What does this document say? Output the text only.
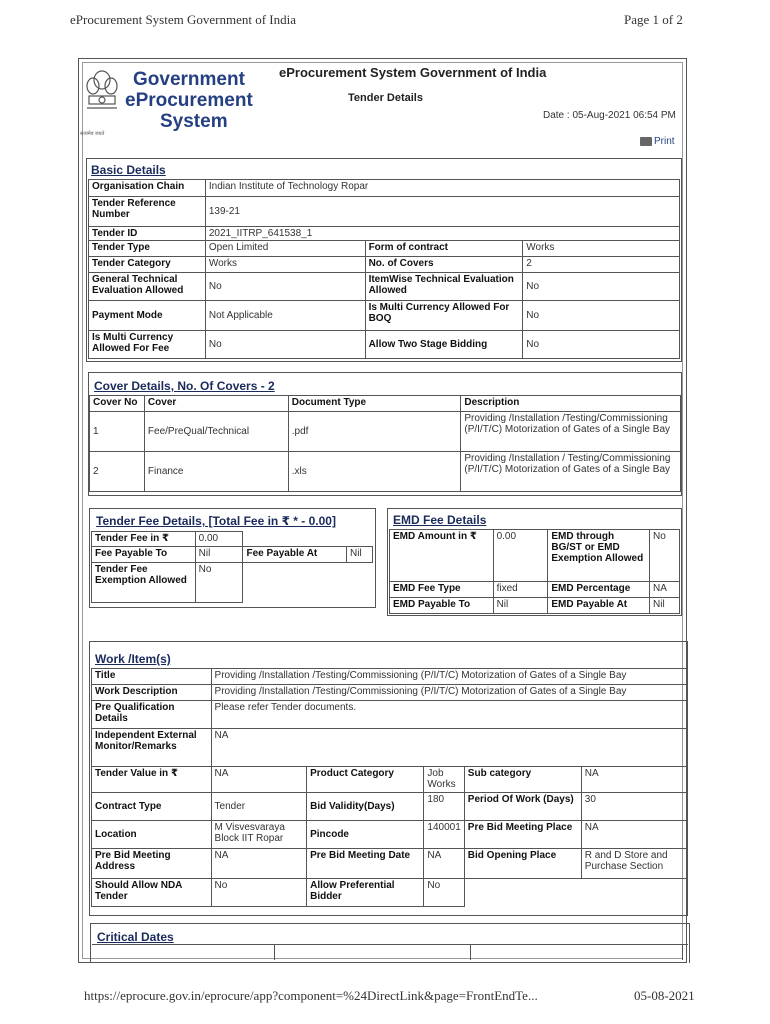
eProcurement System Government of India	Page 1 of 2
सत्यमेव जयते
Government
eProcurement
System
eProcurement System Government of India
Tender Details
Date : 05-Aug-2021 06:54 PM
Print
Basic Details
Organisation Chain	Indian Institute of Technology Ropar		
Tender Reference Number	139-21		
Tender ID	2021_IITRP_641538_1		
Tender Type	Open Limited	Form of contract	Works
Tender Category	Works	No. of Covers	2
General Technical Evaluation Allowed	No	ItemWise Technical Evaluation Allowed	No
Payment Mode	Not Applicable	Is Multi Currency Allowed For BOQ	No
Is Multi Currency Allowed For Fee	No	Allow Two Stage Bidding	No
Cover Details, No. Of Covers - 2
Cover No	Cover	Document Type	Description
1	Fee/PreQual/Technical	.pdf	Providing /Installation /Testing/Commissioning (P/I/T/C) Motorization of Gates of a Single Bay
2	Finance	.xls	Providing /Installation / Testing/Commissioning (P/I/T/C) Motorization of Gates of a Single Bay
Tender Fee Details, [Total Fee in ₹ * - 0.00]
Tender Fee in ₹	0.00		
Fee Payable To	Nil	Fee Payable At	Nil
Tender Fee Exemption Allowed	No		
EMD Fee Details
EMD Amount in ₹	0.00	EMD through BG/ST or EMD Exemption Allowed	No
EMD Fee Type	fixed	EMD Percentage	NA
EMD Payable To	Nil	EMD Payable At	Nil
Work /Item(s)
Title	Providing /Installation /Testing/Commissioning (P/I/T/C) Motorization of Gates of a Single Bay				
Work Description	Providing /Installation /Testing/Commissioning (P/I/T/C) Motorization of Gates of a Single Bay				
Pre Qualification Details	Please refer Tender documents.				
Independent External Monitor/Remarks	NA				
Tender Value in ₹	NA	Product Category	Job Works	Sub category	NA
Contract Type	Tender	Bid Validity(Days)	180	Period Of Work (Days)	30
Location	M Visvesvaraya Block IIT Ropar	Pincode	140001	Pre Bid Meeting Place	NA
Pre Bid Meeting Address	NA	Pre Bid Meeting Date	NA	Bid Opening Place	R and D Store and Purchase Section
Should Allow NDA Tender	No	Allow Preferential Bidder	No		
Critical Dates
https://eprocure.gov.in/eprocure/app?component=%24DirectLink&page=FrontEndTe...	05-08-2021
